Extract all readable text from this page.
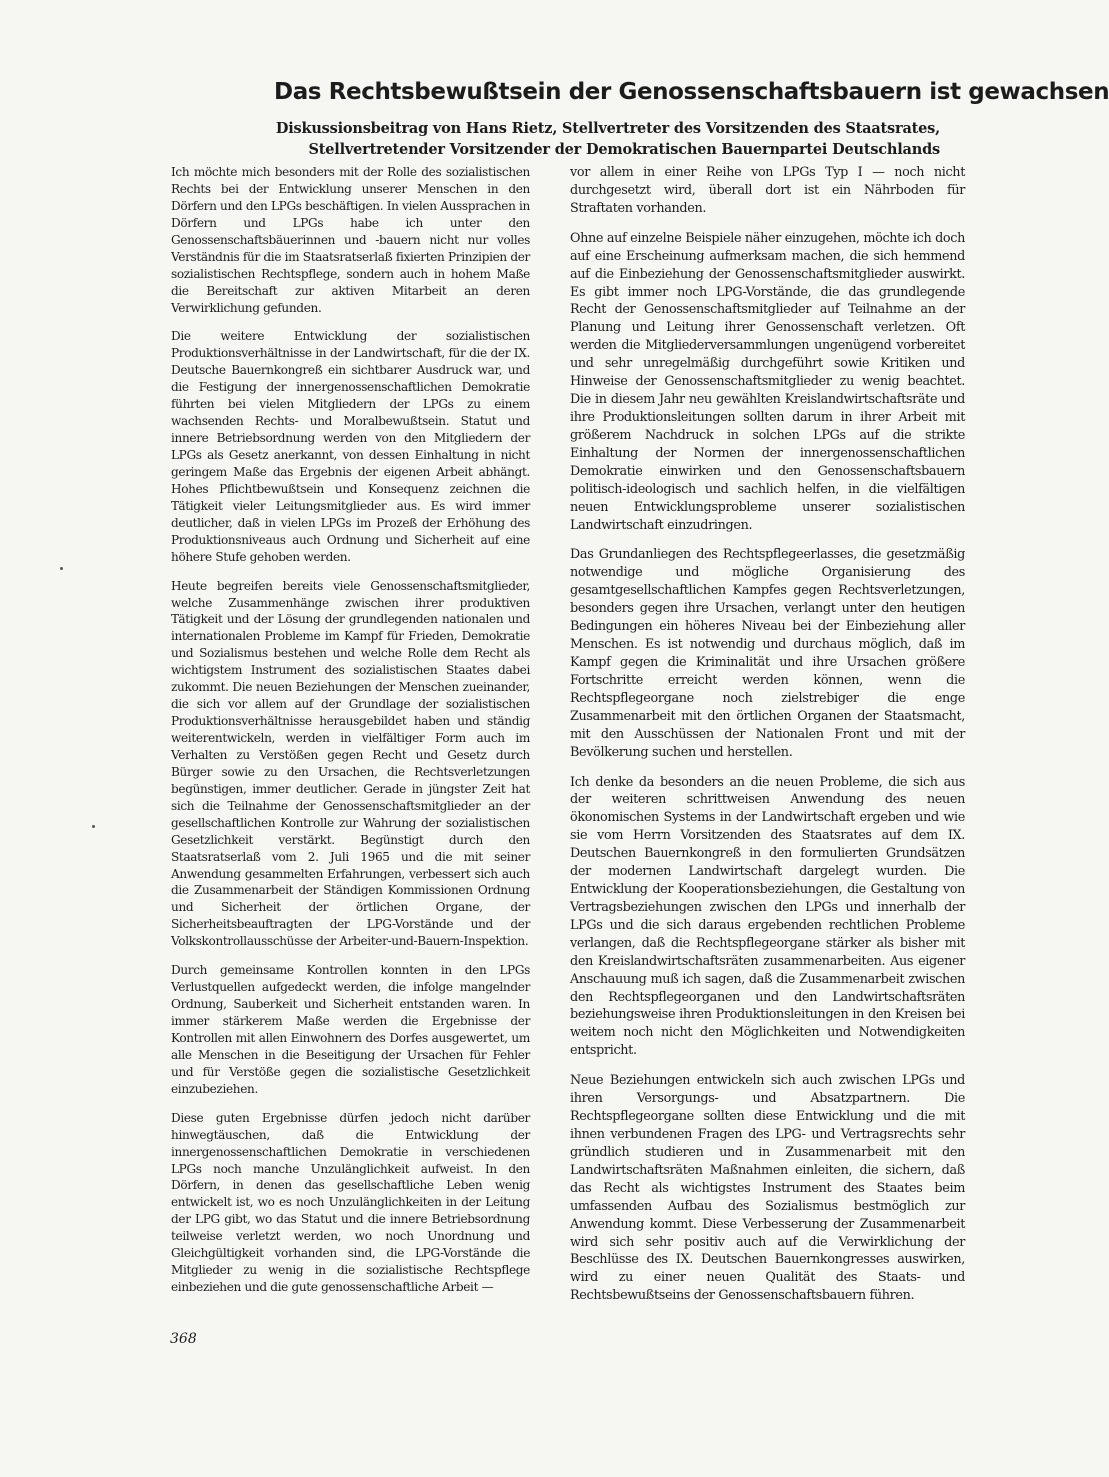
Das Rechtsbewußtsein der Genossenschaftsbauern ist gewachsen
Diskussionsbeitrag von Hans Rietz, Stellvertreter des Vorsitzenden des Staatsrates,
Stellvertretender Vorsitzender der Demokratischen Bauernpartei Deutschlands

Ich möchte mich besonders mit der Rolle des sozialistischen Rechts bei der Entwicklung unserer Menschen in den Dörfern und den LPGs beschäftigen. In vielen Aussprachen in Dörfern und LPGs habe ich unter den Genossenschaftsbäuerinnen und -bauern nicht nur volles Verständnis für die im Staatsratserlaß fixierten Prinzipien der sozialistischen Rechtspflege, sondern auch in hohem Maße die Bereitschaft zur aktiven Mitarbeit an deren Verwirklichung gefunden.

Die weitere Entwicklung der sozialistischen Produktionsverhältnisse in der Landwirtschaft, für die der IX. Deutsche Bauernkongreß ein sichtbarer Ausdruck war, und die Festigung der innergenossenschaftlichen Demokratie führten bei vielen Mitgliedern der LPGs zu einem wachsenden Rechts- und Moralbewußtsein. Statut und innere Betriebsordnung werden von den Mitgliedern der LPGs als Gesetz anerkannt, von dessen Einhaltung in nicht geringem Maße das Ergebnis der eigenen Arbeit abhängt. Hohes Pflichtbewußtsein und Konsequenz zeichnen die Tätigkeit vieler Leitungsmitglieder aus. Es wird immer deutlicher, daß in vielen LPGs im Prozeß der Erhöhung des Produktionsniveaus auch Ordnung und Sicherheit auf eine höhere Stufe gehoben werden.

Heute begreifen bereits viele Genossenschaftsmitglieder, welche Zusammenhänge zwischen ihrer produktiven Tätigkeit und der Lösung der grundlegenden nationalen und internationalen Probleme im Kampf für Frieden, Demokratie und Sozialismus bestehen und welche Rolle dem Recht als wichtigstem Instrument des sozialistischen Staates dabei zukommt. Die neuen Beziehungen der Menschen zueinander, die sich vor allem auf der Grundlage der sozialistischen Produktionsverhältnisse herausgebildet haben und ständig weiterentwickeln, werden in vielfältiger Form auch im Verhalten zu Verstößen gegen Recht und Gesetz durch Bürger sowie zu den Ursachen, die Rechtsverletzungen begünstigen, immer deutlicher. Gerade in jüngster Zeit hat sich die Teilnahme der Genossenschaftsmitglieder an der gesellschaftlichen Kontrolle zur Wahrung der sozialistischen Gesetzlichkeit verstärkt. Begünstigt durch den Staatsratserlaß vom 2. Juli 1965 und die mit seiner Anwendung gesammelten Erfahrungen, verbessert sich auch die Zusammenarbeit der Ständigen Kommissionen Ordnung und Sicherheit der örtlichen Organe, der Sicherheitsbeauftragten der LPG-Vorstände und der Volkskontrollausschüsse der Arbeiter-und-Bauern-Inspektion.

Durch gemeinsame Kontrollen konnten in den LPGs Verlustquellen aufgedeckt werden, die infolge mangelnder Ordnung, Sauberkeit und Sicherheit entstanden waren. In immer stärkerem Maße werden die Ergebnisse der Kontrollen mit allen Einwohnern des Dorfes ausgewertet, um alle Menschen in die Beseitigung der Ursachen für Fehler und für Verstöße gegen die sozialistische Gesetzlichkeit einzubeziehen.

Diese guten Ergebnisse dürfen jedoch nicht darüber hinwegtäuschen, daß die Entwicklung der innergenossenschaftlichen Demokratie in verschiedenen LPGs noch manche Unzulänglichkeit aufweist. In den Dörfern, in denen das gesellschaftliche Leben wenig entwickelt ist, wo es noch Unzulänglichkeiten in der Leitung der LPG gibt, wo das Statut und die innere Betriebsordnung teilweise verletzt werden, wo noch Unordnung und Gleichgültigkeit vorhanden sind, die LPG-Vorstände die Mitglieder zu wenig in die sozialistische Rechtspflege einbeziehen und die gute genossenschaftliche Arbeit —

vor allem in einer Reihe von LPGs Typ I — noch nicht durchgesetzt wird, überall dort ist ein Nährboden für Straftaten vorhanden.

Ohne auf einzelne Beispiele näher einzugehen, möchte ich doch auf eine Erscheinung aufmerksam machen, die sich hemmend auf die Einbeziehung der Genossenschaftsmitglieder auswirkt. Es gibt immer noch LPG-Vorstände, die das grundlegende Recht der Genossenschaftsmitglieder auf Teilnahme an der Planung und Leitung ihrer Genossenschaft verletzen. Oft werden die Mitgliederversammlungen ungenügend vorbereitet und sehr unregelmäßig durchgeführt sowie Kritiken und Hinweise der Genossenschaftsmitglieder zu wenig beachtet. Die in diesem Jahr neu gewählten Kreislandwirtschaftsräte und ihre Produktionsleitungen sollten darum in ihrer Arbeit mit größerem Nachdruck in solchen LPGs auf die strikte Einhaltung der Normen der innergenossenschaftlichen Demokratie einwirken und den Genossenschaftsbauern politisch-ideologisch und sachlich helfen, in die vielfältigen neuen Entwicklungsprobleme unserer sozialistischen Landwirtschaft einzudringen.

Das Grundanliegen des Rechtspflegeerlasses, die gesetzmäßig notwendige und mögliche Organisierung des gesamtgesellschaftlichen Kampfes gegen Rechtsverletzungen, besonders gegen ihre Ursachen, verlangt unter den heutigen Bedingungen ein höheres Niveau bei der Einbeziehung aller Menschen. Es ist notwendig und durchaus möglich, daß im Kampf gegen die Kriminalität und ihre Ursachen größere Fortschritte erreicht werden können, wenn die Rechtspflegeorgane noch zielstrebiger die enge Zusammenarbeit mit den örtlichen Organen der Staatsmacht, mit den Ausschüssen der Nationalen Front und mit der Bevölkerung suchen und herstellen.

Ich denke da besonders an die neuen Probleme, die sich aus der weiteren schrittweisen Anwendung des neuen ökonomischen Systems in der Landwirtschaft ergeben und wie sie vom Herrn Vorsitzenden des Staatsrates auf dem IX. Deutschen Bauernkongreß in den formulierten Grundsätzen der modernen Landwirtschaft dargelegt wurden. Die Entwicklung der Kooperationsbeziehungen, die Gestaltung von Vertragsbeziehungen zwischen den LPGs und innerhalb der LPGs und die sich daraus ergebenden rechtlichen Probleme verlangen, daß die Rechtspflegeorgane stärker als bisher mit den Kreislandwirtschaftsräten zusammenarbeiten. Aus eigener Anschauung muß ich sagen, daß die Zusammenarbeit zwischen den Rechtspflegeorganen und den Landwirtschaftsräten beziehungsweise ihren Produktionsleitungen in den Kreisen bei weitem noch nicht den Möglichkeiten und Notwendigkeiten entspricht.

Neue Beziehungen entwickeln sich auch zwischen LPGs und ihren Versorgungs- und Absatzpartnern. Die Rechtspflegeorgane sollten diese Entwicklung und die mit ihnen verbundenen Fragen des LPG- und Vertragsrechts sehr gründlich studieren und in Zusammenarbeit mit den Landwirtschaftsräten Maßnahmen einleiten, die sichern, daß das Recht als wichtigstes Instrument des Staates beim umfassenden Aufbau des Sozialismus bestmöglich zur Anwendung kommt. Diese Verbesserung der Zusammenarbeit wird sich sehr positiv auch auf die Verwirklichung der Beschlüsse des IX. Deutschen Bauernkongresses auswirken, wird zu einer neuen Qualität des Staats- und Rechtsbewußtseins der Genossenschaftsbauern führen.

368
